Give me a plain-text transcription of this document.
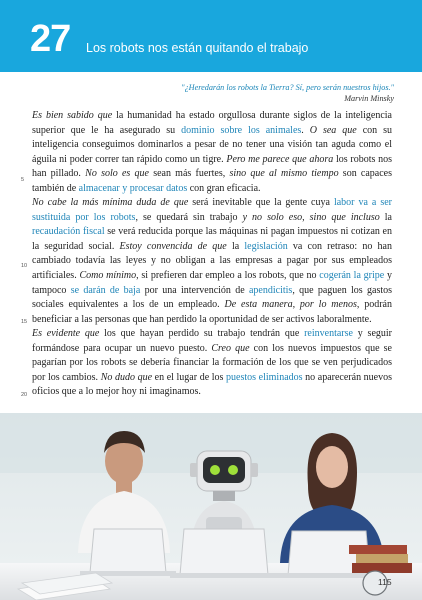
27 Los robots nos están quitando el trabajo
"¿Heredarán los robots la Tierra? Sí, pero serán nuestros hijos."
Marvin Minsky
5
10
15
20

Es bien sabido que la humanidad ha estado orgullosa durante siglos de la inteligencia superior que le ha asegurado su dominio sobre los animales. O sea que con su inteligencia conseguimos dominarlos a pesar de no tener una visión tan aguda como el águila ni poder correr tan rápido como un tigre. Pero me parece que ahora los robots nos han pillado. No solo es que sean más fuertes, sino que al mismo tiempo son capaces también de almacenar y procesar datos con gran eficacia.

No cabe la más mínima duda de que será inevitable que la gente cuya labor va a ser sustituida por los robots, se quedará sin trabajo y no solo eso, sino que incluso la recaudación fiscal se verá reducida porque las máquinas ni pagan impuestos ni cotizan en la seguridad social. Estoy convencida de que la legislación va con retraso: no han cambiado todavía las leyes y no obligan a las empresas a pagar por sus empleados artificiales. Como mínimo, si prefieren dar empleo a los robots, que no cogerán la gripe y tampoco se darán de baja por una intervención de apendicitis, que paguen los gastos sociales equivalentes a los de un empleado. De esta manera, por lo menos, podrán beneficiar a las personas que han perdido la oportunidad de ser activos laboralmente.

Es evidente que los que hayan perdido su trabajo tendrán que reinventarse y seguir formándose para ocupar un nuevo puesto. Creo que con los nuevos impuestos que se pagarían por los robots se debería financiar la formación de los que se ven perjudicados por los cambios. No dudo que en el lugar de los puestos eliminados no aparecerán nuevos oficios que a lo mejor hoy ni imaginamos.

115
